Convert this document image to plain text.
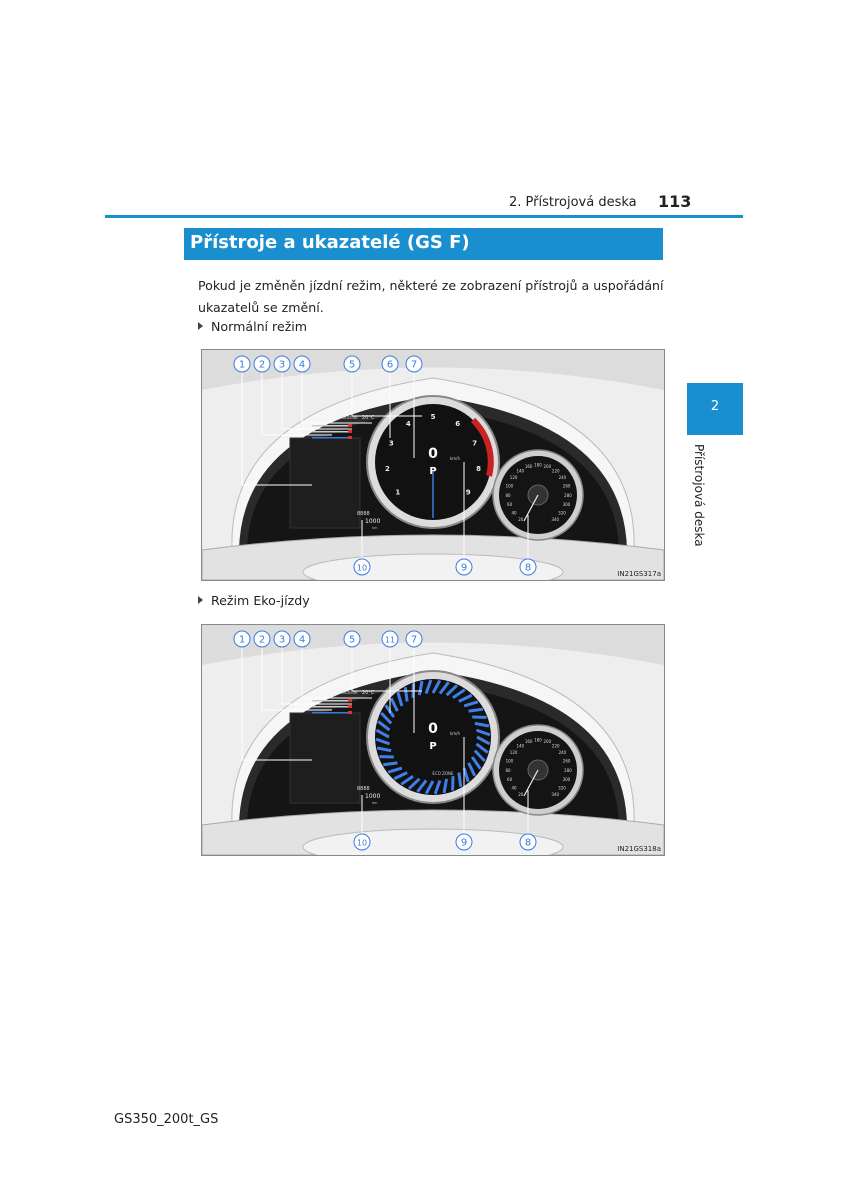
2. Přístrojová deska 113
Přístroje a ukazatelé (GS F)
Pokud je změněn jízdní režim, některé ze zobrazení přístrojů a uspořádání ukazatelů se změní.
Normální režim
Outside 20°C
8888
1000
km
1
2
3
4
5
6
7
8
9
0	km/h
P
20
40
60
80
100
120
140
160 180 200
220
240
260
280
300
320
340
1 2 3 4	5	6 7
10	9	8
IN21GS317a
Režim Eko-jízdy
Outside 20°C
8888
1000
km
ECO ZONE
0	km/h
P
20
40
60
80
100
120
140
160 180 200
220
240
260
280
300
320
340
1 2 3 4	5	11 7
10	9	8
IN21GS318a
2
Přístrojová deska
GS350_200t_GS
